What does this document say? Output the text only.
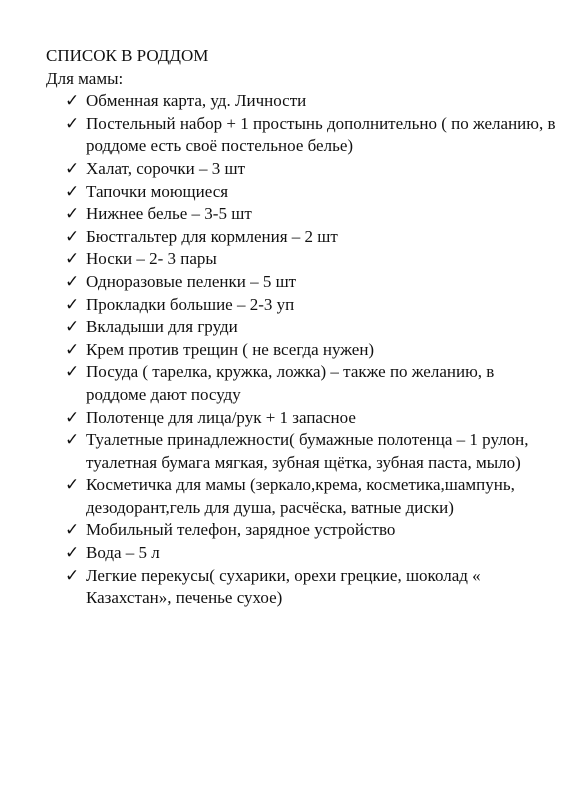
СПИСОК В РОДДОМ

Для мамы:

✓ Обменная карта, уд. Личности
✓ Постельный набор + 1 простынь дополнительно ( по желанию, в роддоме есть своё постельное белье)
✓ Халат, сорочки – 3 шт
✓ Тапочки моющиеся
✓ Нижнее белье – 3-5 шт
✓ Бюстгальтер для кормления – 2 шт
✓ Носки – 2- 3 пары
✓ Одноразовые пеленки – 5 шт
✓ Прокладки большие – 2-3 уп
✓ Вкладыши для груди
✓ Крем против трещин ( не всегда нужен)
✓ Посуда ( тарелка, кружка, ложка) – также по желанию, в роддоме дают посуду
✓ Полотенце для лица/рук + 1 запасное
✓ Туалетные принадлежности( бумажные полотенца – 1 рулон, туалетная бумага мягкая, зубная щётка, зубная паста, мыло)
✓ Косметичка для мамы (зеркало,крема, косметика,шампунь, дезодорант,гель для душа, расчёска, ватные диски)
✓ Мобильный телефон, зарядное устройство
✓ Вода – 5 л
✓ Легкие перекусы( сухарики, орехи грецкие, шоколад « Казахстан», печенье сухое)
